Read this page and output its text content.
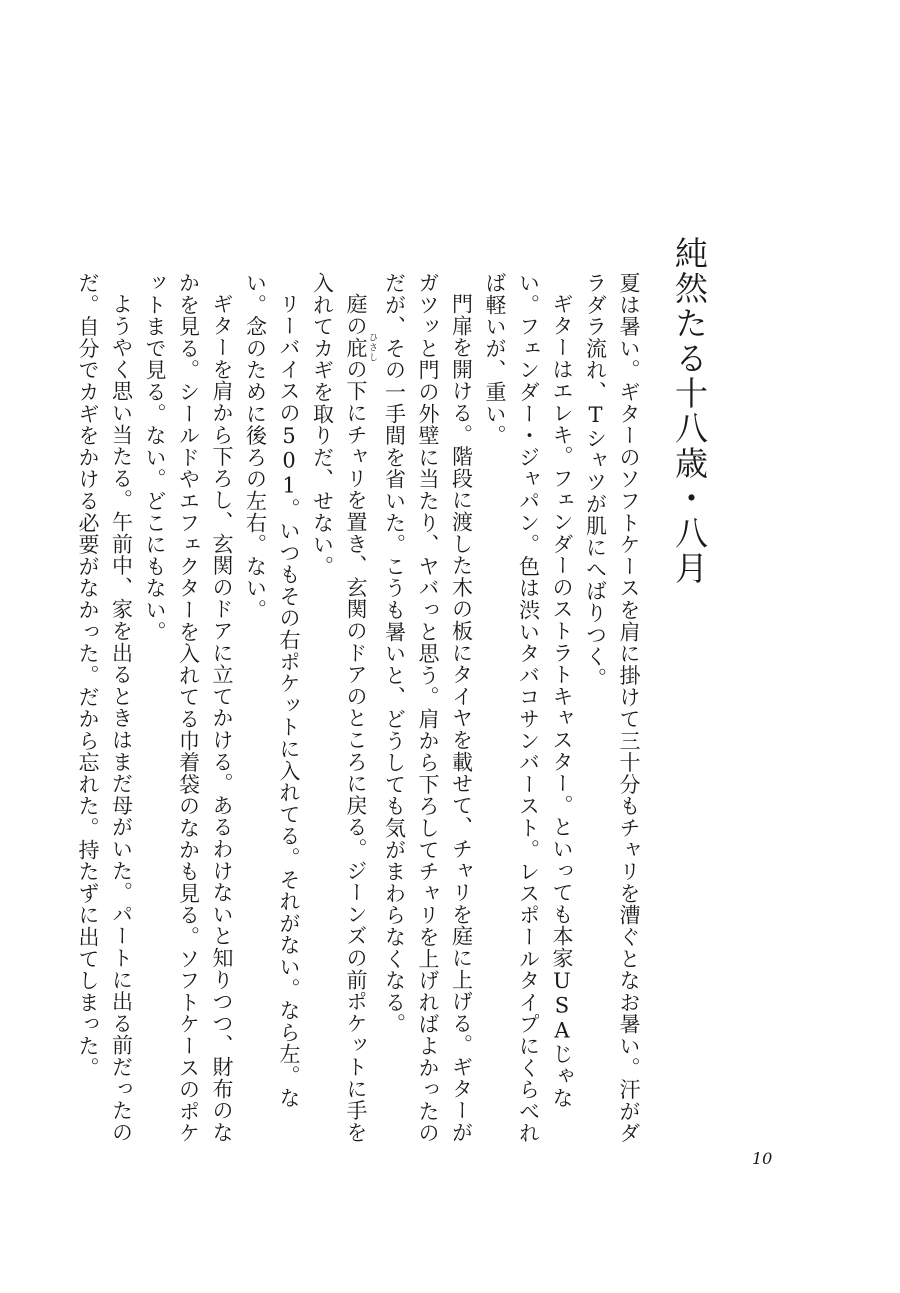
純然たる十八歳・八月

夏は暑い。ギターのソフトケースを肩に掛けて三十分もチャリを漕ぐとなお暑い。汗がダラダラ流れ、Tシャツが肌にへばりつく。

ギターはエレキ。フェンダーのストラトキャスター。といっても本家USAじゃない。フェンダー・ジャパン。色は渋いタバコサンバースト。レスポールタイプにくらべれば軽いが、重い。

門扉を開ける。階段に渡した木の板にタイヤを載せて、チャリを庭に上げる。ギターがガツッと門の外壁に当たり、ヤバっと思う。肩から下ろしてチャリを上げればよかったのだが、その一手間を省いた。こうも暑いと、どうしても気がまわらなくなる。

庭の庇 ひさしの下にチャリを置き、玄関のドアのところに戻る。ジーンズの前ポケットに手を入れてカギを取りだ、せない。

リーバイスの501。いつもその右ポケットに入れてる。それがない。なら左。ない。念のために後ろの左右。ない。

ギターを肩から下ろし、玄関のドアに立てかける。あるわけないと知りつつ、財布のなかを見る。シールドやエフェクターを入れてる巾着袋のなかも見る。ソフトケースのポケットまで見る。ない。どこにもない。

ようやく思い当たる。午前中、家を出るときはまだ母がいた。パートに出る前だったのだ。自分でカギをかける必要がなかった。だから忘れた。持たずに出てしまった。

10
